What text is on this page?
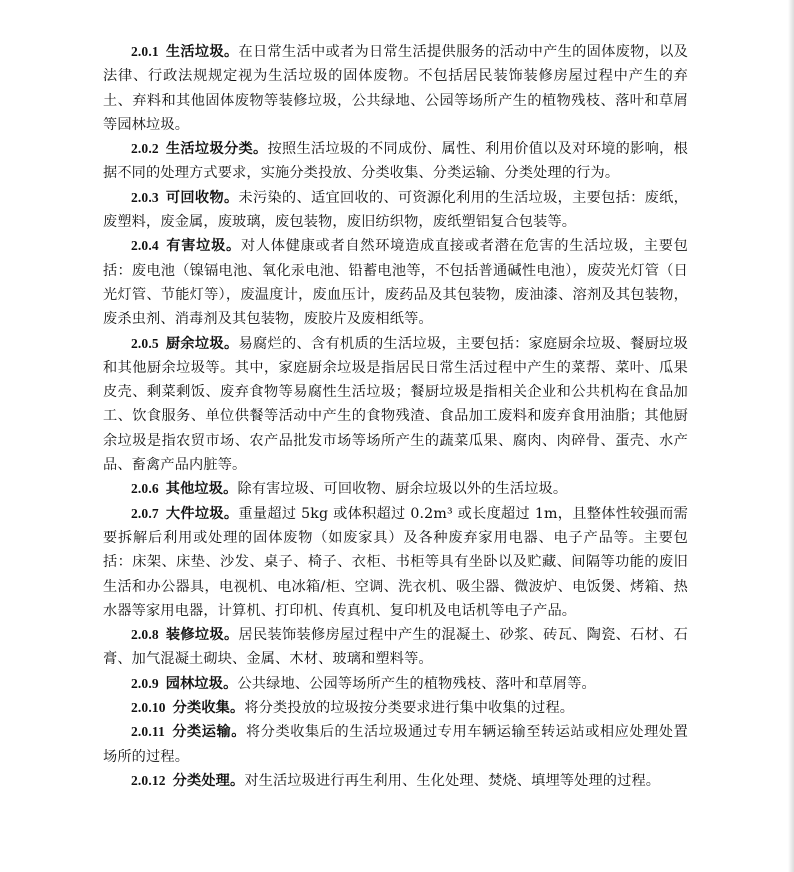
2.0.1 生活垃圾。在日常生活中或者为日常生活提供服务的活动中产生的固体废物，以及法律、行政法规规定视为生活垃圾的固体废物。不包括居民装饰装修房屋过程中产生的弃土、弃料和其他固体废物等装修垃圾，公共绿地、公园等场所产生的植物残枝、落叶和草屑等园林垃圾。

2.0.2 生活垃圾分类。按照生活垃圾的不同成份、属性、利用价值以及对环境的影响，根据不同的处理方式要求，实施分类投放、分类收集、分类运输、分类处理的行为。

2.0.3 可回收物。未污染的、适宜回收的、可资源化利用的生活垃圾，主要包括：废纸，废塑料，废金属，废玻璃，废包装物，废旧纺织物，废纸塑铝复合包装等。

2.0.4 有害垃圾。对人体健康或者自然环境造成直接或者潜在危害的生活垃圾，主要包括：废电池（镍镉电池、氧化汞电池、铅蓄电池等，不包括普通碱性电池），废荧光灯管（日光灯管、节能灯等），废温度计，废血压计，废药品及其包装物，废油漆、溶剂及其包装物，废杀虫剂、消毒剂及其包装物，废胶片及废相纸等。

2.0.5 厨余垃圾。易腐烂的、含有机质的生活垃圾，主要包括：家庭厨余垃圾、餐厨垃圾和其他厨余垃圾等。其中，家庭厨余垃圾是指居民日常生活过程中产生的菜帮、菜叶、瓜果皮壳、剩菜剩饭、废弃食物等易腐性生活垃圾；餐厨垃圾是指相关企业和公共机构在食品加工、饮食服务、单位供餐等活动中产生的食物残渣、食品加工废料和废弃食用油脂；其他厨余垃圾是指农贸市场、农产品批发市场等场所产生的蔬菜瓜果、腐肉、肉碎骨、蛋壳、水产品、畜禽产品内脏等。

2.0.6 其他垃圾。除有害垃圾、可回收物、厨余垃圾以外的生活垃圾。

2.0.7 大件垃圾。重量超过 5kg 或体积超过 0.2m³ 或长度超过 1m，且整体性较强而需要拆解后利用或处理的固体废物（如废家具）及各种废弃家用电器、电子产品等。主要包括：床架、床垫、沙发、桌子、椅子、衣柜、书柜等具有坐卧以及贮藏、间隔等功能的废旧生活和办公器具，电视机、电冰箱/柜、空调、洗衣机、吸尘器、微波炉、电饭煲、烤箱、热水器等家用电器，计算机、打印机、传真机、复印机及电话机等电子产品。

2.0.8 装修垃圾。居民装饰装修房屋过程中产生的混凝土、砂浆、砖瓦、陶瓷、石材、石膏、加气混凝土砌块、金属、木材、玻璃和塑料等。

2.0.9 园林垃圾。公共绿地、公园等场所产生的植物残枝、落叶和草屑等。

2.0.10 分类收集。将分类投放的垃圾按分类要求进行集中收集的过程。

2.0.11 分类运输。将分类收集后的生活垃圾通过专用车辆运输至转运站或相应处理处置场所的过程。

2.0.12 分类处理。对生活垃圾进行再生利用、生化处理、焚烧、填埋等处理的过程。
